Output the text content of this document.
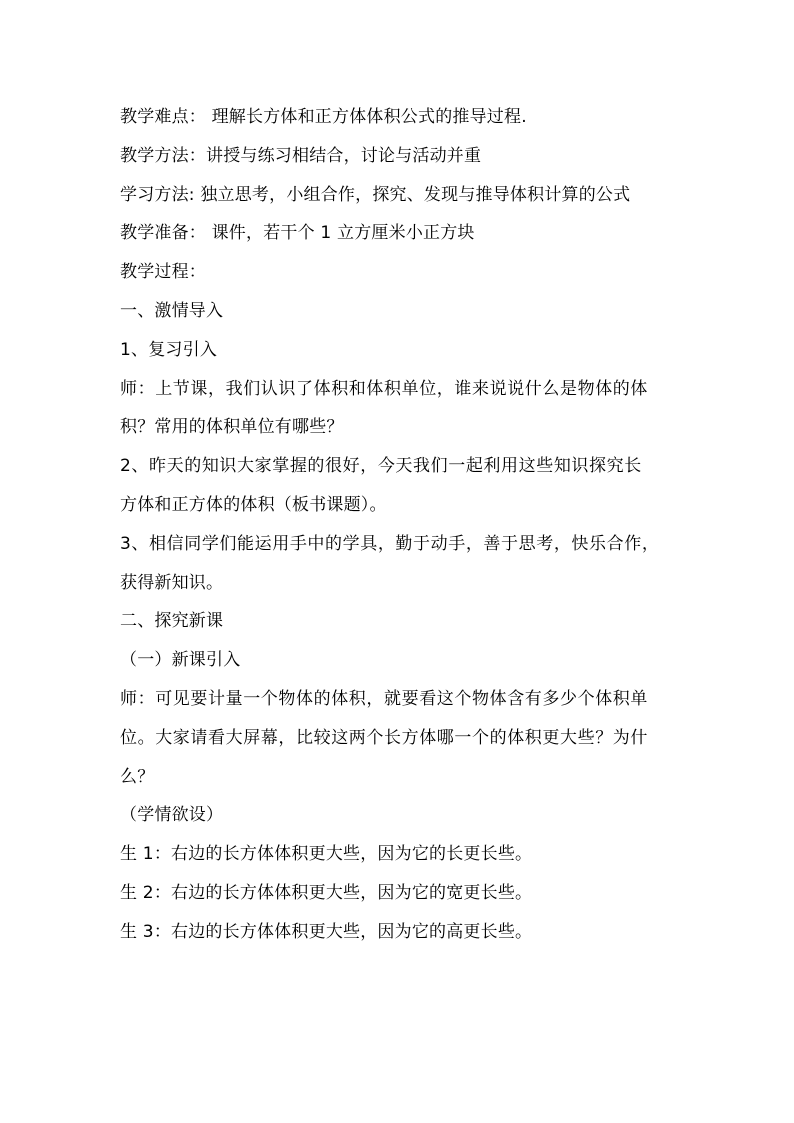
教学难点： 理解长方体和正方体体积公式的推导过程.
教学方法：讲授与练习相结合，讨论与活动并重
学习方法: 独立思考，小组合作，探究、发现与推导体积计算的公式
教学准备： 课件，若干个 1 立方厘米小正方块
教学过程：
一、激情导入
1、复习引入
师：上节课，我们认识了体积和体积单位，谁来说说什么是物体的体
积？常用的体积单位有哪些？
2、昨天的知识大家掌握的很好，今天我们一起利用这些知识探究长
方体和正方体的体积（板书课题）。
3、相信同学们能运用手中的学具，勤于动手，善于思考，快乐合作，
获得新知识。
二、探究新课
（一）新课引入
师：可见要计量一个物体的体积，就要看这个物体含有多少个体积单
位。大家请看大屏幕，比较这两个长方体哪一个的体积更大些？为什
么？
（学情欲设）
生 1：右边的长方体体积更大些，因为它的长更长些。
生 2：右边的长方体体积更大些，因为它的宽更长些。
生 3：右边的长方体体积更大些，因为它的高更长些。
